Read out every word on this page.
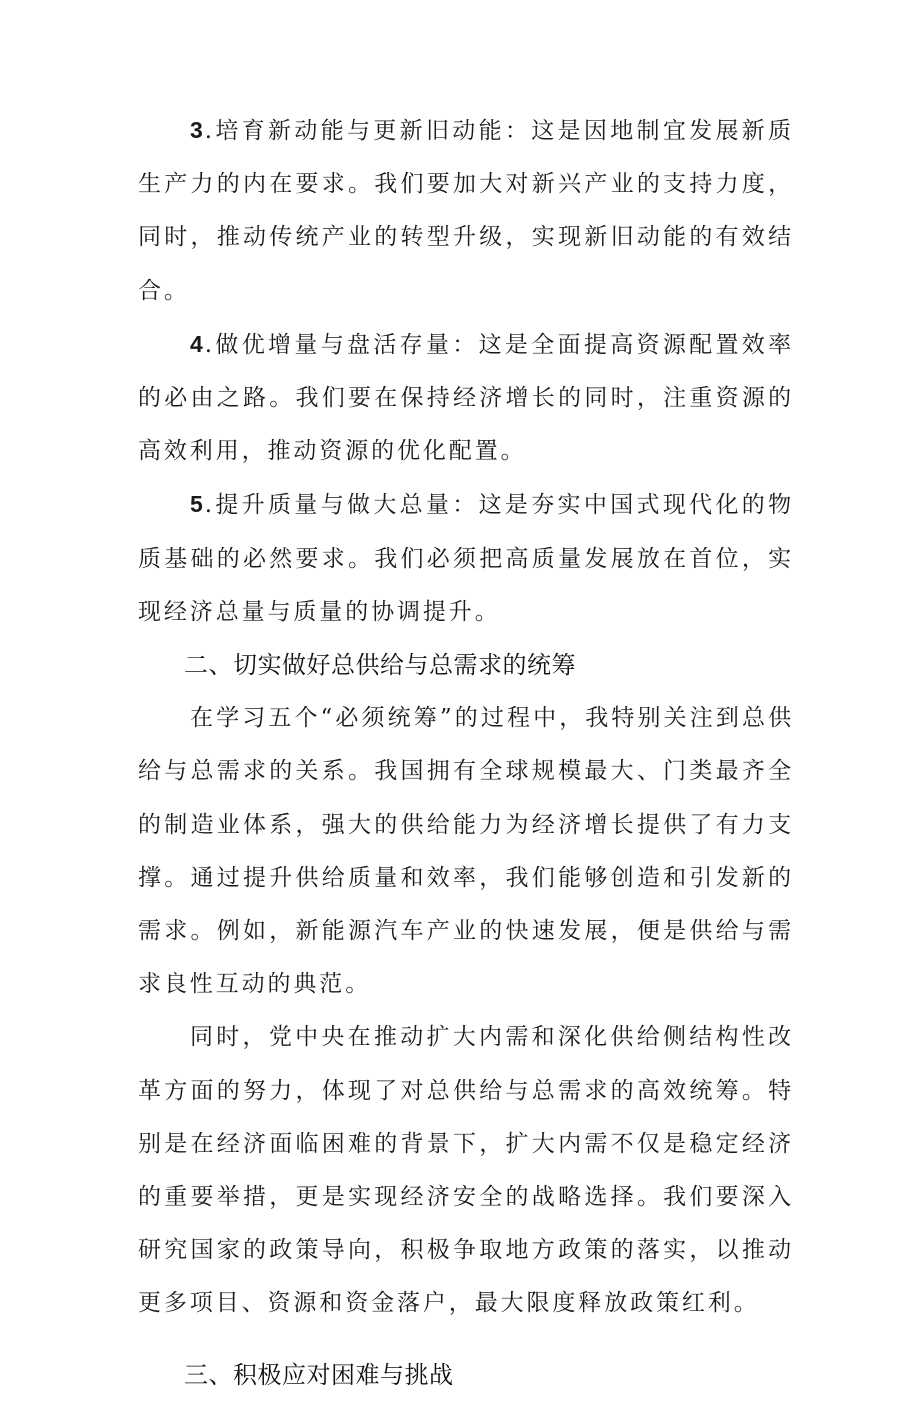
3.培育新动能与更新旧动能：这是因地制宜发展新质生产力的内在要求。我们要加大对新兴产业的支持力度，同时，推动传统产业的转型升级，实现新旧动能的有效结合。

4.做优增量与盘活存量：这是全面提高资源配置效率的必由之路。我们要在保持经济增长的同时，注重资源的高效利用，推动资源的优化配置。

5.提升质量与做大总量：这是夯实中国式现代化的物质基础的必然要求。我们必须把高质量发展放在首位，实现经济总量与质量的协调提升。

二、切实做好总供给与总需求的统筹

在学习五个“必须统筹”的过程中，我特别关注到总供给与总需求的关系。我国拥有全球规模最大、门类最齐全的制造业体系，强大的供给能力为经济增长提供了有力支撑。通过提升供给质量和效率，我们能够创造和引发新的需求。例如，新能源汽车产业的快速发展，便是供给与需求良性互动的典范。

同时，党中央在推动扩大内需和深化供给侧结构性改革方面的努力，体现了对总供给与总需求的高效统筹。特别是在经济面临困难的背景下，扩大内需不仅是稳定经济的重要举措，更是实现经济安全的战略选择。我们要深入研究国家的政策导向，积极争取地方政策的落实，以推动更多项目、资源和资金落户，最大限度释放政策红利。

三、积极应对困难与挑战
